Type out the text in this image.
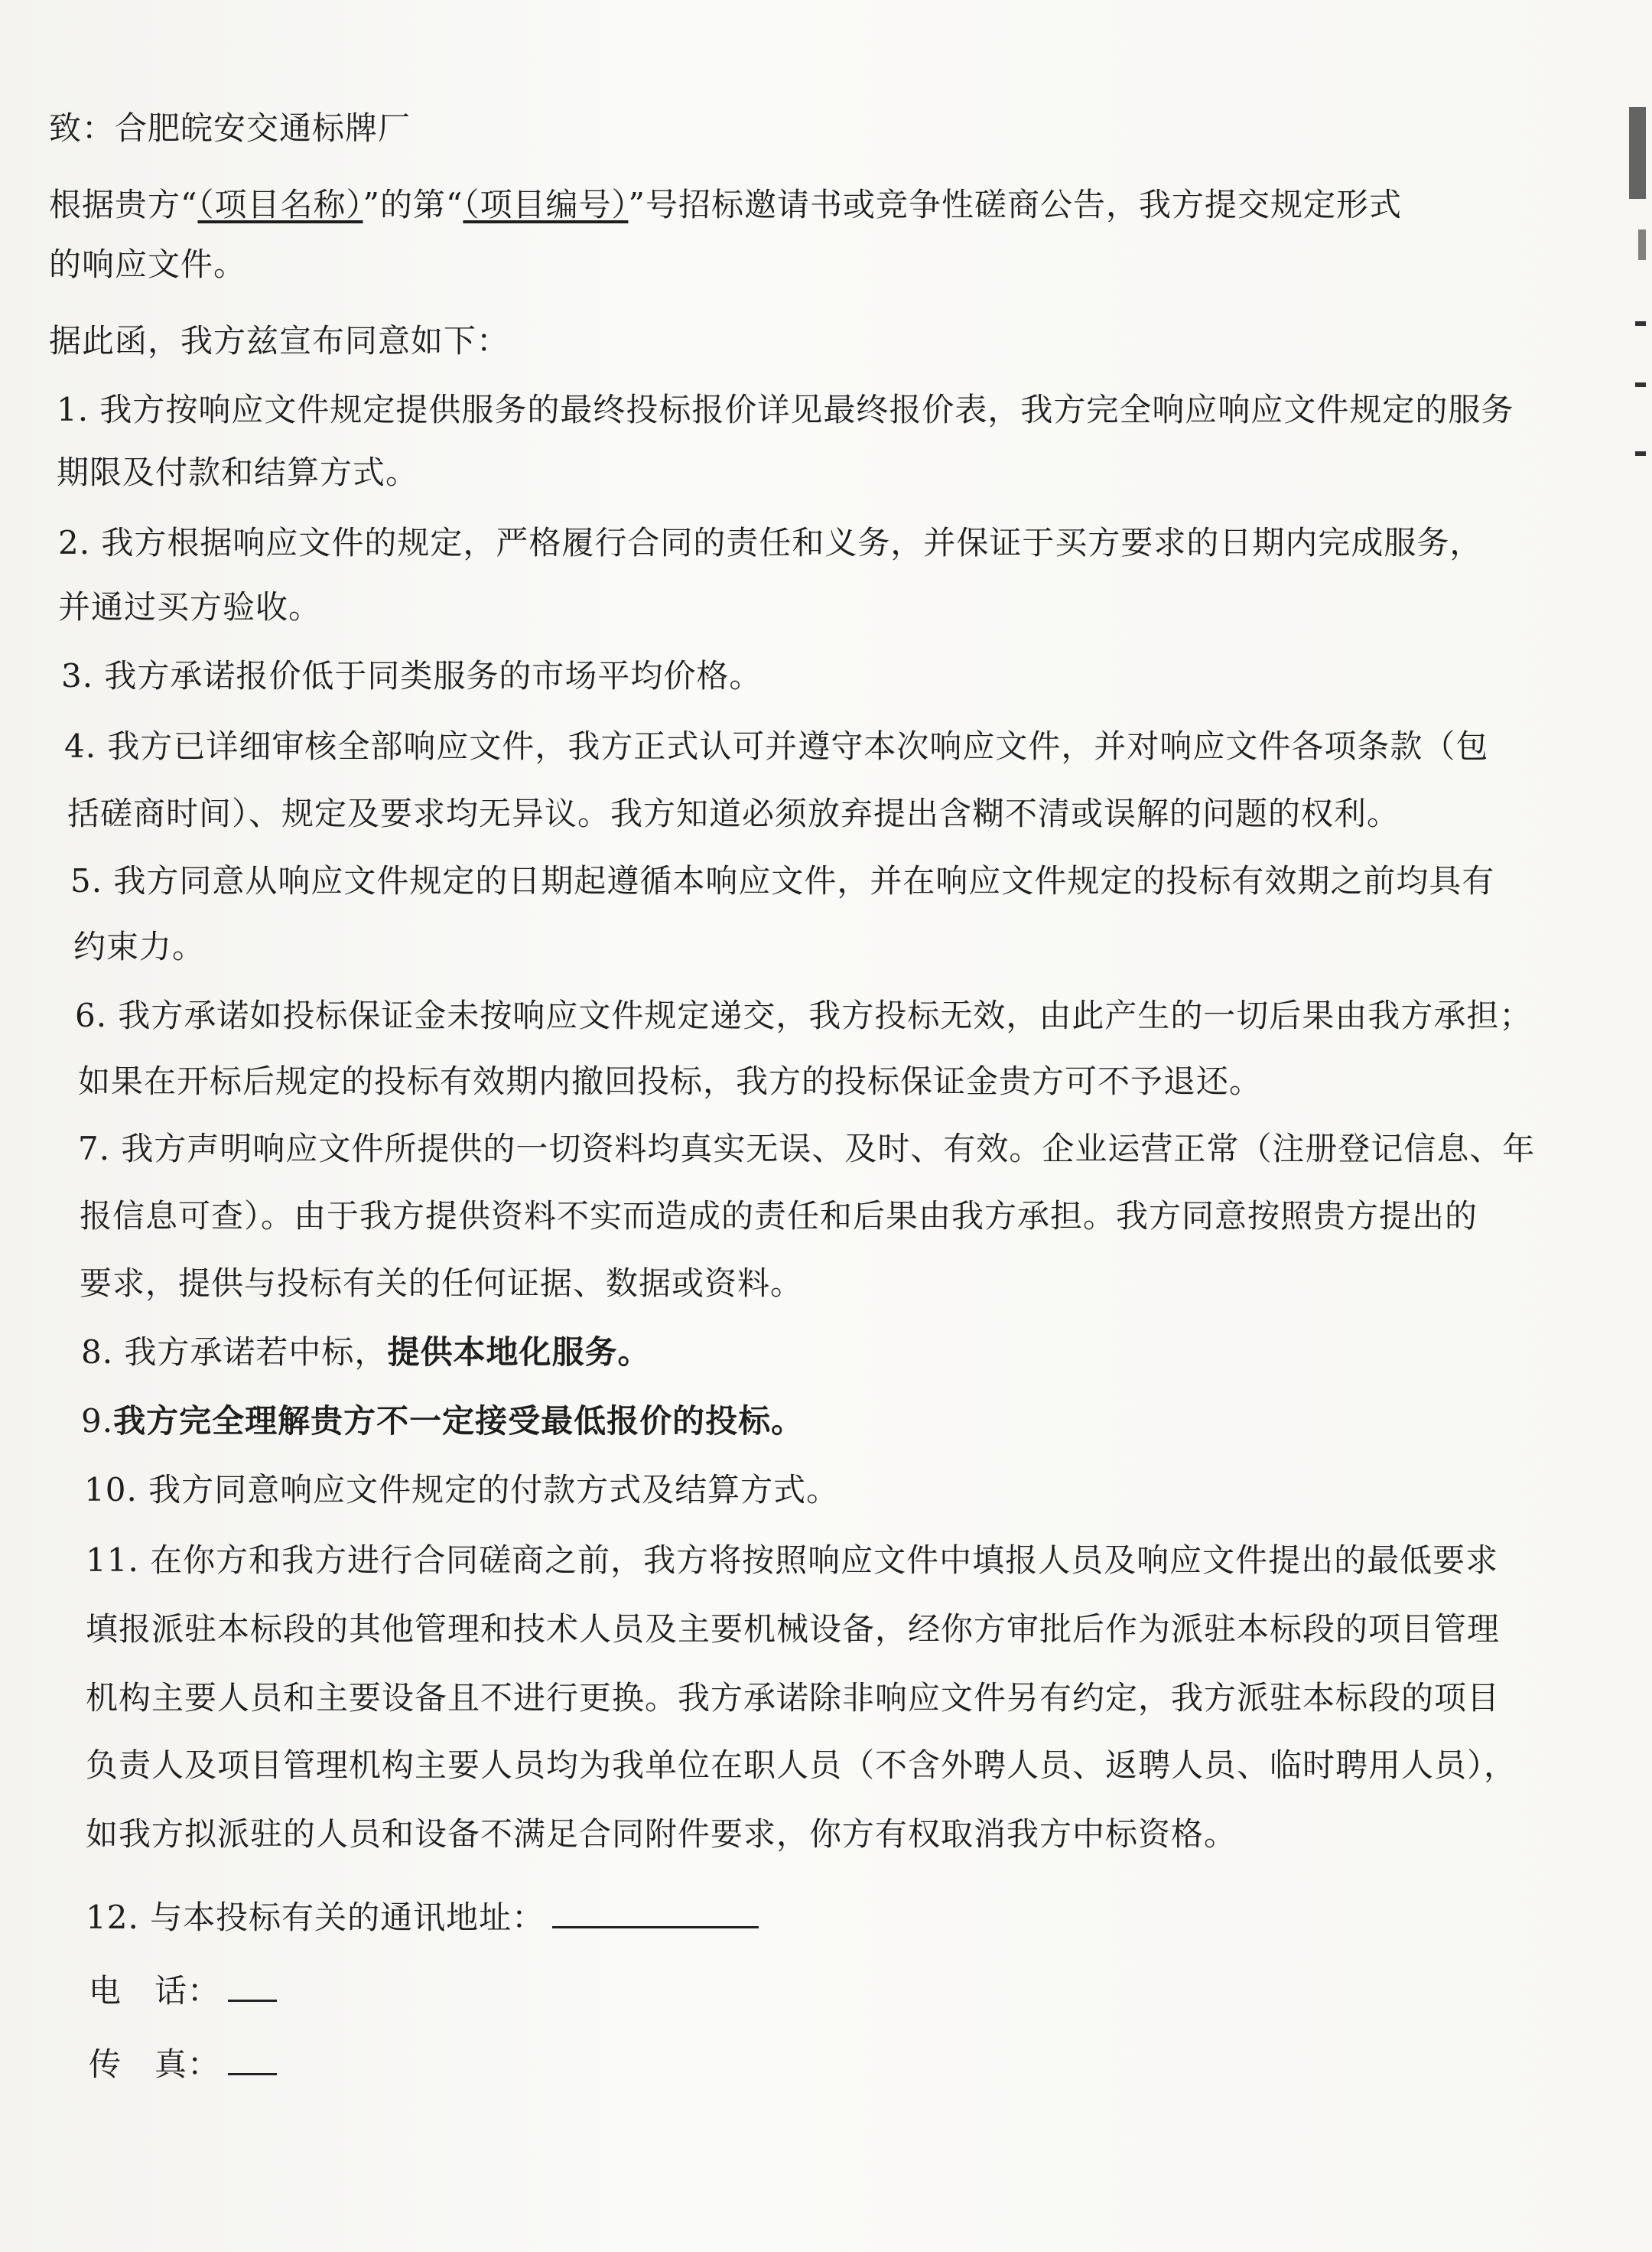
致：合肥皖安交通标牌厂
根据贵方“（项目名称）”的第“（项目编号）”号招标邀请书或竞争性磋商公告，我方提交规定形式
的响应文件。
据此函，我方兹宣布同意如下：
1. 我方按响应文件规定提供服务的最终投标报价详见最终报价表，我方完全响应响应文件规定的服务
期限及付款和结算方式。
2. 我方根据响应文件的规定，严格履行合同的责任和义务，并保证于买方要求的日期内完成服务，
并通过买方验收。
3. 我方承诺报价低于同类服务的市场平均价格。
4. 我方已详细审核全部响应文件，我方正式认可并遵守本次响应文件，并对响应文件各项条款（包
括磋商时间）、规定及要求均无异议。我方知道必须放弃提出含糊不清或误解的问题的权利。
5. 我方同意从响应文件规定的日期起遵循本响应文件，并在响应文件规定的投标有效期之前均具有
约束力。
6. 我方承诺如投标保证金未按响应文件规定递交，我方投标无效，由此产生的一切后果由我方承担；
如果在开标后规定的投标有效期内撤回投标，我方的投标保证金贵方可不予退还。
7. 我方声明响应文件所提供的一切资料均真实无误、及时、有效。企业运营正常（注册登记信息、年
报信息可查）。由于我方提供资料不实而造成的责任和后果由我方承担。我方同意按照贵方提出的
要求，提供与投标有关的任何证据、数据或资料。
8. 我方承诺若中标，提供本地化服务。
9.我方完全理解贵方不一定接受最低报价的投标。
10. 我方同意响应文件规定的付款方式及结算方式。
11. 在你方和我方进行合同磋商之前，我方将按照响应文件中填报人员及响应文件提出的最低要求
填报派驻本标段的其他管理和技术人员及主要机械设备，经你方审批后作为派驻本标段的项目管理
机构主要人员和主要设备且不进行更换。我方承诺除非响应文件另有约定，我方派驻本标段的项目
负责人及项目管理机构主要人员均为我单位在职人员（不含外聘人员、返聘人员、临时聘用人员），
如我方拟派驻的人员和设备不满足合同附件要求，你方有权取消我方中标资格。
12. 与本投标有关的通讯地址：
电　话：
传　真：
